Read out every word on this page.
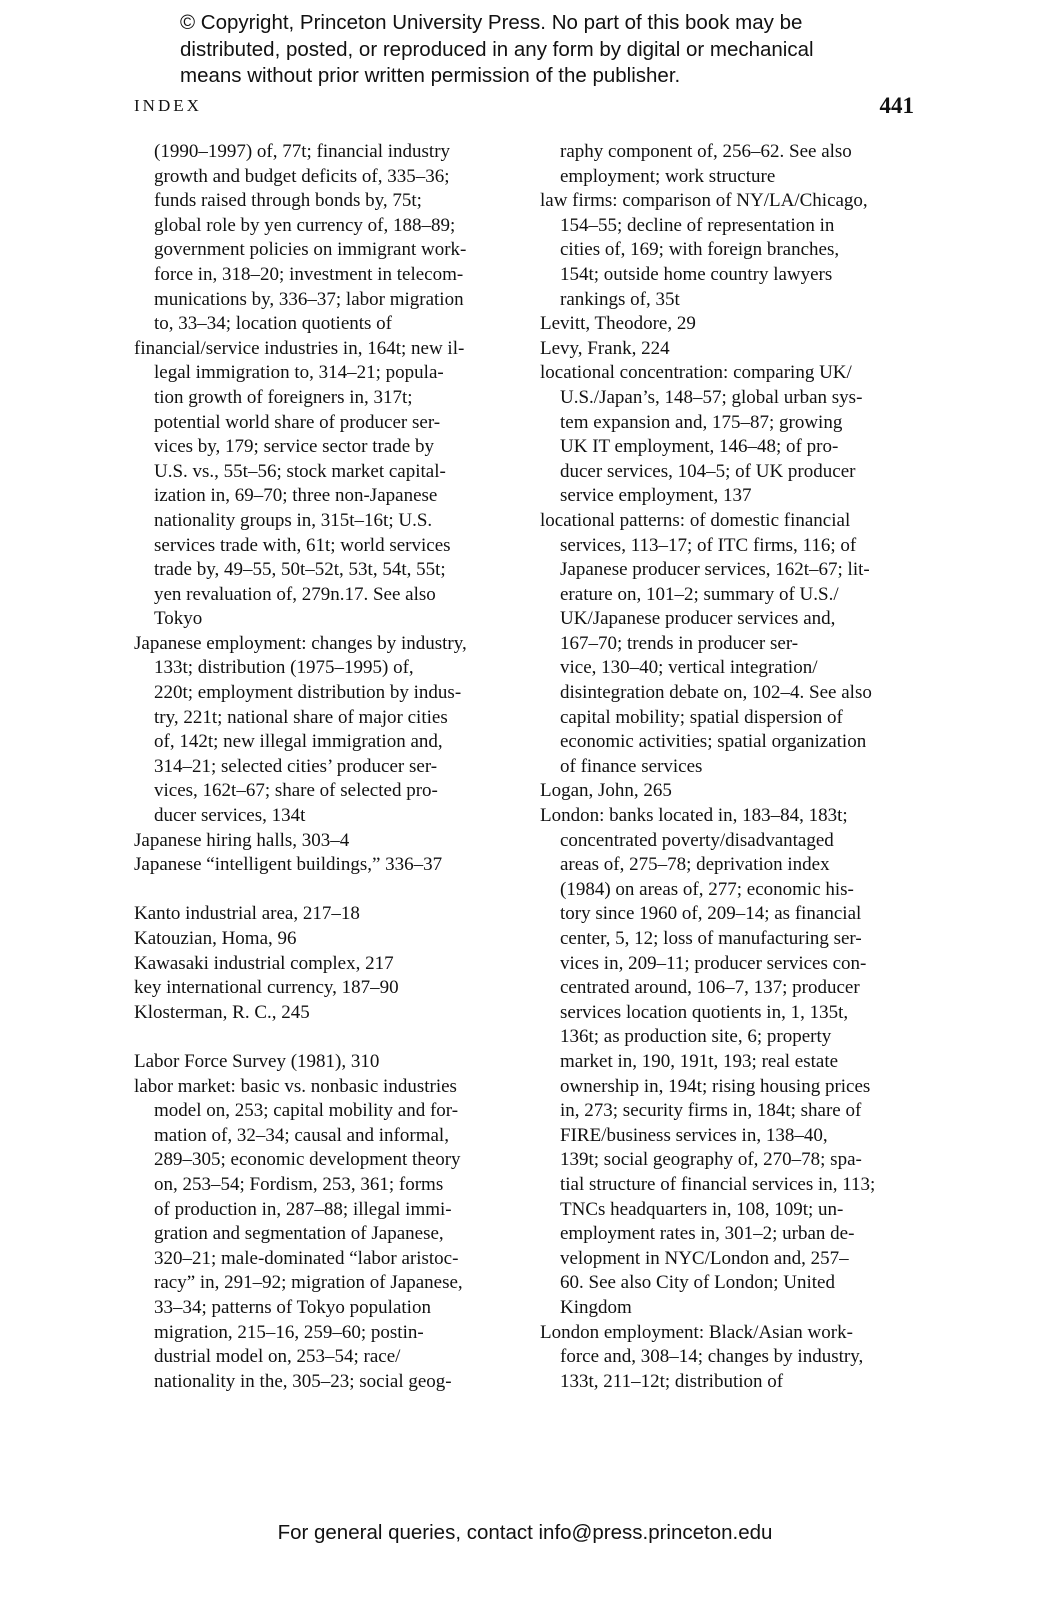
© Copyright, Princeton University Press. No part of this book may be
distributed, posted, or reproduced in any form by digital or mechanical
means without prior written permission of the publisher.
INDEX	441
(1990–1997) of, 77t; financial industry
growth and budget deficits of, 335–36;
funds raised through bonds by, 75t;
global role by yen currency of, 188–89;
government policies on immigrant work-
force in, 318–20; investment in telecom-
munications by, 336–37; labor migration
to, 33–34; location quotients of
financial/service industries in, 164t; new il-
legal immigration to, 314–21; popula-
tion growth of foreigners in, 317t;
potential world share of producer ser-
vices by, 179; service sector trade by
U.S. vs., 55t–56; stock market capital-
ization in, 69–70; three non-Japanese
nationality groups in, 315t–16t; U.S.
services trade with, 61t; world services
trade by, 49–55, 50t–52t, 53t, 54t, 55t;
yen revaluation of, 279n.17. See also
Tokyo
Japanese employment: changes by industry,
133t; distribution (1975–1995) of,
220t; employment distribution by indus-
try, 221t; national share of major cities
of, 142t; new illegal immigration and,
314–21; selected cities’ producer ser-
vices, 162t–67; share of selected pro-
ducer services, 134t
Japanese hiring halls, 303–4
Japanese “intelligent buildings,” 336–37
Kanto industrial area, 217–18
Katouzian, Homa, 96
Kawasaki industrial complex, 217
key international currency, 187–90
Klosterman, R. C., 245
Labor Force Survey (1981), 310
labor market: basic vs. nonbasic industries
model on, 253; capital mobility and for-
mation of, 32–34; causal and informal,
289–305; economic development theory
on, 253–54; Fordism, 253, 361; forms
of production in, 287–88; illegal immi-
gration and segmentation of Japanese,
320–21; male-dominated “labor aristoc-
racy” in, 291–92; migration of Japanese,
33–34; patterns of Tokyo population
migration, 215–16, 259–60; postin-
dustrial model on, 253–54; race/
nationality in the, 305–23; social geog-
raphy component of, 256–62. See also
employment; work structure
law firms: comparison of NY/LA/Chicago,
154–55; decline of representation in
cities of, 169; with foreign branches,
154t; outside home country lawyers
rankings of, 35t
Levitt, Theodore, 29
Levy, Frank, 224
locational concentration: comparing UK/
U.S./Japan’s, 148–57; global urban sys-
tem expansion and, 175–87; growing
UK IT employment, 146–48; of pro-
ducer services, 104–5; of UK producer
service employment, 137
locational patterns: of domestic financial
services, 113–17; of ITC firms, 116; of
Japanese producer services, 162t–67; lit-
erature on, 101–2; summary of U.S./
UK/Japanese producer services and,
167–70; trends in producer ser-
vice, 130–40; vertical integration/
disintegration debate on, 102–4. See also
capital mobility; spatial dispersion of
economic activities; spatial organization
of finance services
Logan, John, 265
London: banks located in, 183–84, 183t;
concentrated poverty/disadvantaged
areas of, 275–78; deprivation index
(1984) on areas of, 277; economic his-
tory since 1960 of, 209–14; as financial
center, 5, 12; loss of manufacturing ser-
vices in, 209–11; producer services con-
centrated around, 106–7, 137; producer
services location quotients in, 1, 135t,
136t; as production site, 6; property
market in, 190, 191t, 193; real estate
ownership in, 194t; rising housing prices
in, 273; security firms in, 184t; share of
FIRE/business services in, 138–40,
139t; social geography of, 270–78; spa-
tial structure of financial services in, 113;
TNCs headquarters in, 108, 109t; un-
employment rates in, 301–2; urban de-
velopment in NYC/London and, 257–
60. See also City of London; United
Kingdom
London employment: Black/Asian work-
force and, 308–14; changes by industry,
133t, 211–12t; distribution of
For general queries, contact info@press.princeton.edu
